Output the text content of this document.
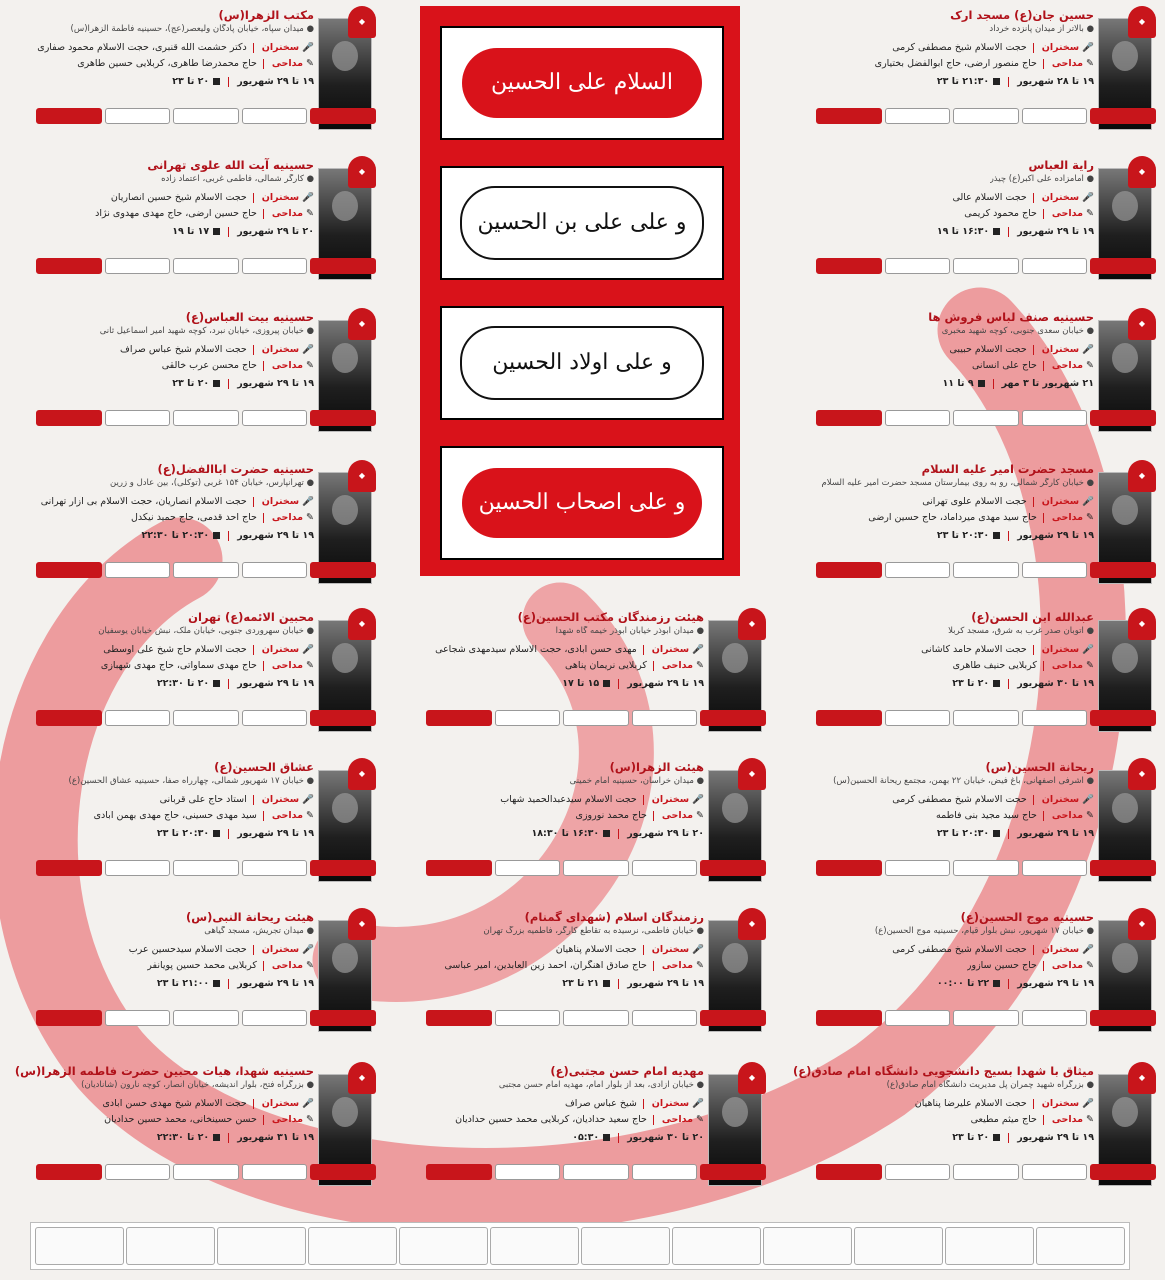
السلام علی الحسین
و علی علی بن الحسین
و علی اولاد الحسین
و علی اصحاب الحسین
◆
حسین جان(ع) مسجد ارک
● بالاتر از میدان پانزده خرداد
🎤 سخنرانحجت الاسلام شیخ مصطفی کرمی
✎ مداحیحاج منصور ارضی، حاج ابوالفضل بختیاری
۱۹ تا ۲۸ شهریور۲۱:۳۰ تا ۲۳
◆
مکتب الزهرا(س)
● میدان سپاه، خیابان پادگان ولیعصر(عج)، حسینیه فاطمة الزهرا(س)
🎤 سخنراندکتر حشمت الله قنبری، حجت الاسلام محمود صفاری
✎ مداحیحاج محمدرضا طاهری، کربلایی حسین طاهری
۱۹ تا ۲۹ شهریور۲۰ تا ۲۳
◆
رایة العباس
● امامزاده علی اکبر(ع) چیذر
🎤 سخنرانحجت الاسلام عالی
✎ مداحیحاج محمود کریمی
۱۹ تا ۲۹ شهریور۱۶:۳۰ تا ۱۹
◆
حسینیه آیت الله علوی تهرانی
● کارگر شمالی، فاطمی غربی، اعتماد زاده
🎤 سخنرانحجت الاسلام شیخ حسین انصاریان
✎ مداحیحاج حسین ارضی، حاج مهدی مهدوی نژاد
۲۰ تا ۲۹ شهریور۱۷ تا ۱۹
◆
حسینیه صنف لباس فروش ها
● خیابان سعدی جنوبی، کوچه شهید مخبری
🎤 سخنرانحجت الاسلام حبیبی
✎ مداحیحاج علی انسانی
۲۱ شهریور تا ۳ مهر۹ تا ۱۱
◆
حسینیه بیت العباس(ع)
● خیابان پیروزی، خیابان نبرد، کوچه شهید امیر اسماعیل ثانی
🎤 سخنرانحجت الاسلام شیخ عباس صراف
✎ مداحیحاج محسن عرب خالقی
۱۹ تا ۲۹ شهریور۲۰ تا ۲۳
◆
مسجد حضرت امیر علیه السلام
● خیابان کارگر شمالی، رو به روی بیمارستان مسجد حضرت امیر علیه السلام
🎤 سخنرانحجت الاسلام علوی تهرانی
✎ مداحیحاج سید مهدی میرداماد، حاج حسین ارضی
۱۹ تا ۲۹ شهریور۲۰:۳۰ تا ۲۳
◆
حسینیه حضرت اباالفضل(ع)
● تهرانپارس، خیابان ۱۵۴ غربی (توکلی)، بین عادل و زرین
🎤 سخنرانحجت الاسلام انصاریان، حجت الاسلام بی آزار تهرانی
✎ مداحیحاج احد قدمی، حاج حمید نیکدل
۱۹ تا ۲۹ شهریور۲۰:۳۰ تا ۲۲:۳۰
◆
عبدالله ابن الحسن(ع)
● اتوبان صدر غرب به شرق، مسجد کربلا
🎤 سخنرانحجت الاسلام حامد کاشانی
✎ مداحیکربلایی حنیف طاهری
۱۹ تا ۳۰ شهریور۲۰ تا ۲۳
◆
هیئت رزمندگان مکتب الحسین(ع)
● میدان ابوذر خیابان ابوذر خیمه گاه شهدا
🎤 سخنرانمهدی حسن آبادی، حجت الاسلام سیدمهدی شجاعی
✎ مداحیکربلایی نریمان پناهی
۱۹ تا ۲۹ شهریور۱۵ تا ۱۷
◆
محبین الائمه(ع) تهران
● خیابان سهروردی جنوبی، خیابان ملک، نبش خیابان یوسفیان
🎤 سخنرانحجت الاسلام حاج شیخ علی اوسطی
✎ مداحیحاج مهدی سماواتی، حاج مهدی شهبازی
۱۹ تا ۲۹ شهریور۲۰ تا ۲۲:۳۰
◆
ریحانة الحسین(س)
● اشرفی اصفهانی، باغ فیض، خیابان ۲۲ بهمن، مجتمع ریحانة الحسین(س)
🎤 سخنرانحجت الاسلام شیخ مصطفی کرمی
✎ مداحیحاج سید مجید بنی فاطمه
۱۹ تا ۲۹ شهریور۲۰:۳۰ تا ۲۳
◆
هیئت الزهرا(س)
● میدان خراسان، حسینیه امام خمینی
🎤 سخنرانحجت الاسلام سیدعبدالحمید شهاب
✎ مداحیحاج محمد نوروزی
۲۰ تا ۲۹ شهریور۱۶:۳۰ تا ۱۸:۳۰
◆
عشاق الحسین(ع)
● خیابان ۱۷ شهریور شمالی، چهارراه صفا، حسینیه عشاق الحسین(ع)
🎤 سخنراناستاد حاج علی قربانی
✎ مداحیسید مهدی حسینی، حاج مهدی بهمن آبادی
۱۹ تا ۲۹ شهریور۲۰:۳۰ تا ۲۳
◆
حسینیه موج الحسین(ع)
● خیابان ۱۷ شهریور، نبش بلوار قیام، حسینیه موج الحسین(ع)
🎤 سخنرانحجت الاسلام شیخ مصطفی کرمی
✎ مداحیحاج حسین سازور
۱۹ تا ۲۹ شهریور۲۲ تا ۰۰:۰۰
◆
رزمندگان اسلام (شهدای گمنام)
● خیابان فاطمی، نرسیده به تقاطع کارگر، فاطمیه بزرگ تهران
🎤 سخنرانحجت الاسلام پناهیان
✎ مداحیحاج صادق آهنگران، احمد زین العابدین، امیر عباسی
۱۹ تا ۲۹ شهریور۲۱ تا ۲۳
◆
هیئت ریحانة النبی(س)
● میدان تجریش، مسجد گیاهی
🎤 سخنرانحجت الاسلام سیدحسین عرب
✎ مداحیکربلایی محمد حسین پویانفر
۱۹ تا ۲۹ شهریور۲۱:۰۰ تا ۲۳
◆
میثاق با شهدا بسیج دانشجویی دانشگاه امام صادق(ع)
● بزرگراه شهید چمران پل مدیریت دانشگاه امام صادق(ع)
🎤 سخنرانحجت الاسلام علیرضا پناهیان
✎ مداحیحاج میثم مطیعی
۱۹ تا ۲۹ شهریور۲۰ تا ۲۳
◆
مهدیه امام حسن مجتبی(ع)
● خیابان آزادی، بعد از بلوار امام، مهدیه امام حسن مجتبی
🎤 سخنرانشیخ عباس صراف
✎ مداحیحاج سعید حدادیان، کربلایی محمد حسین حدادیان
۲۰ تا ۳۰ شهریور۰۵:۳۰
◆
حسینیه شهدا، هیات محبین حضرت فاطمه الزهرا(س)
● بزرگراه فتح، بلوار اندیشه، خیابان انصار، کوچه نارون (شانادیان)
🎤 سخنرانحجت الاسلام شیخ مهدی حسن آبادی
✎ مداحیحسن حسینخانی، محمد حسین حدادیان
۱۹ تا ۳۱ شهریور۲۰ تا ۲۲:۳۰
